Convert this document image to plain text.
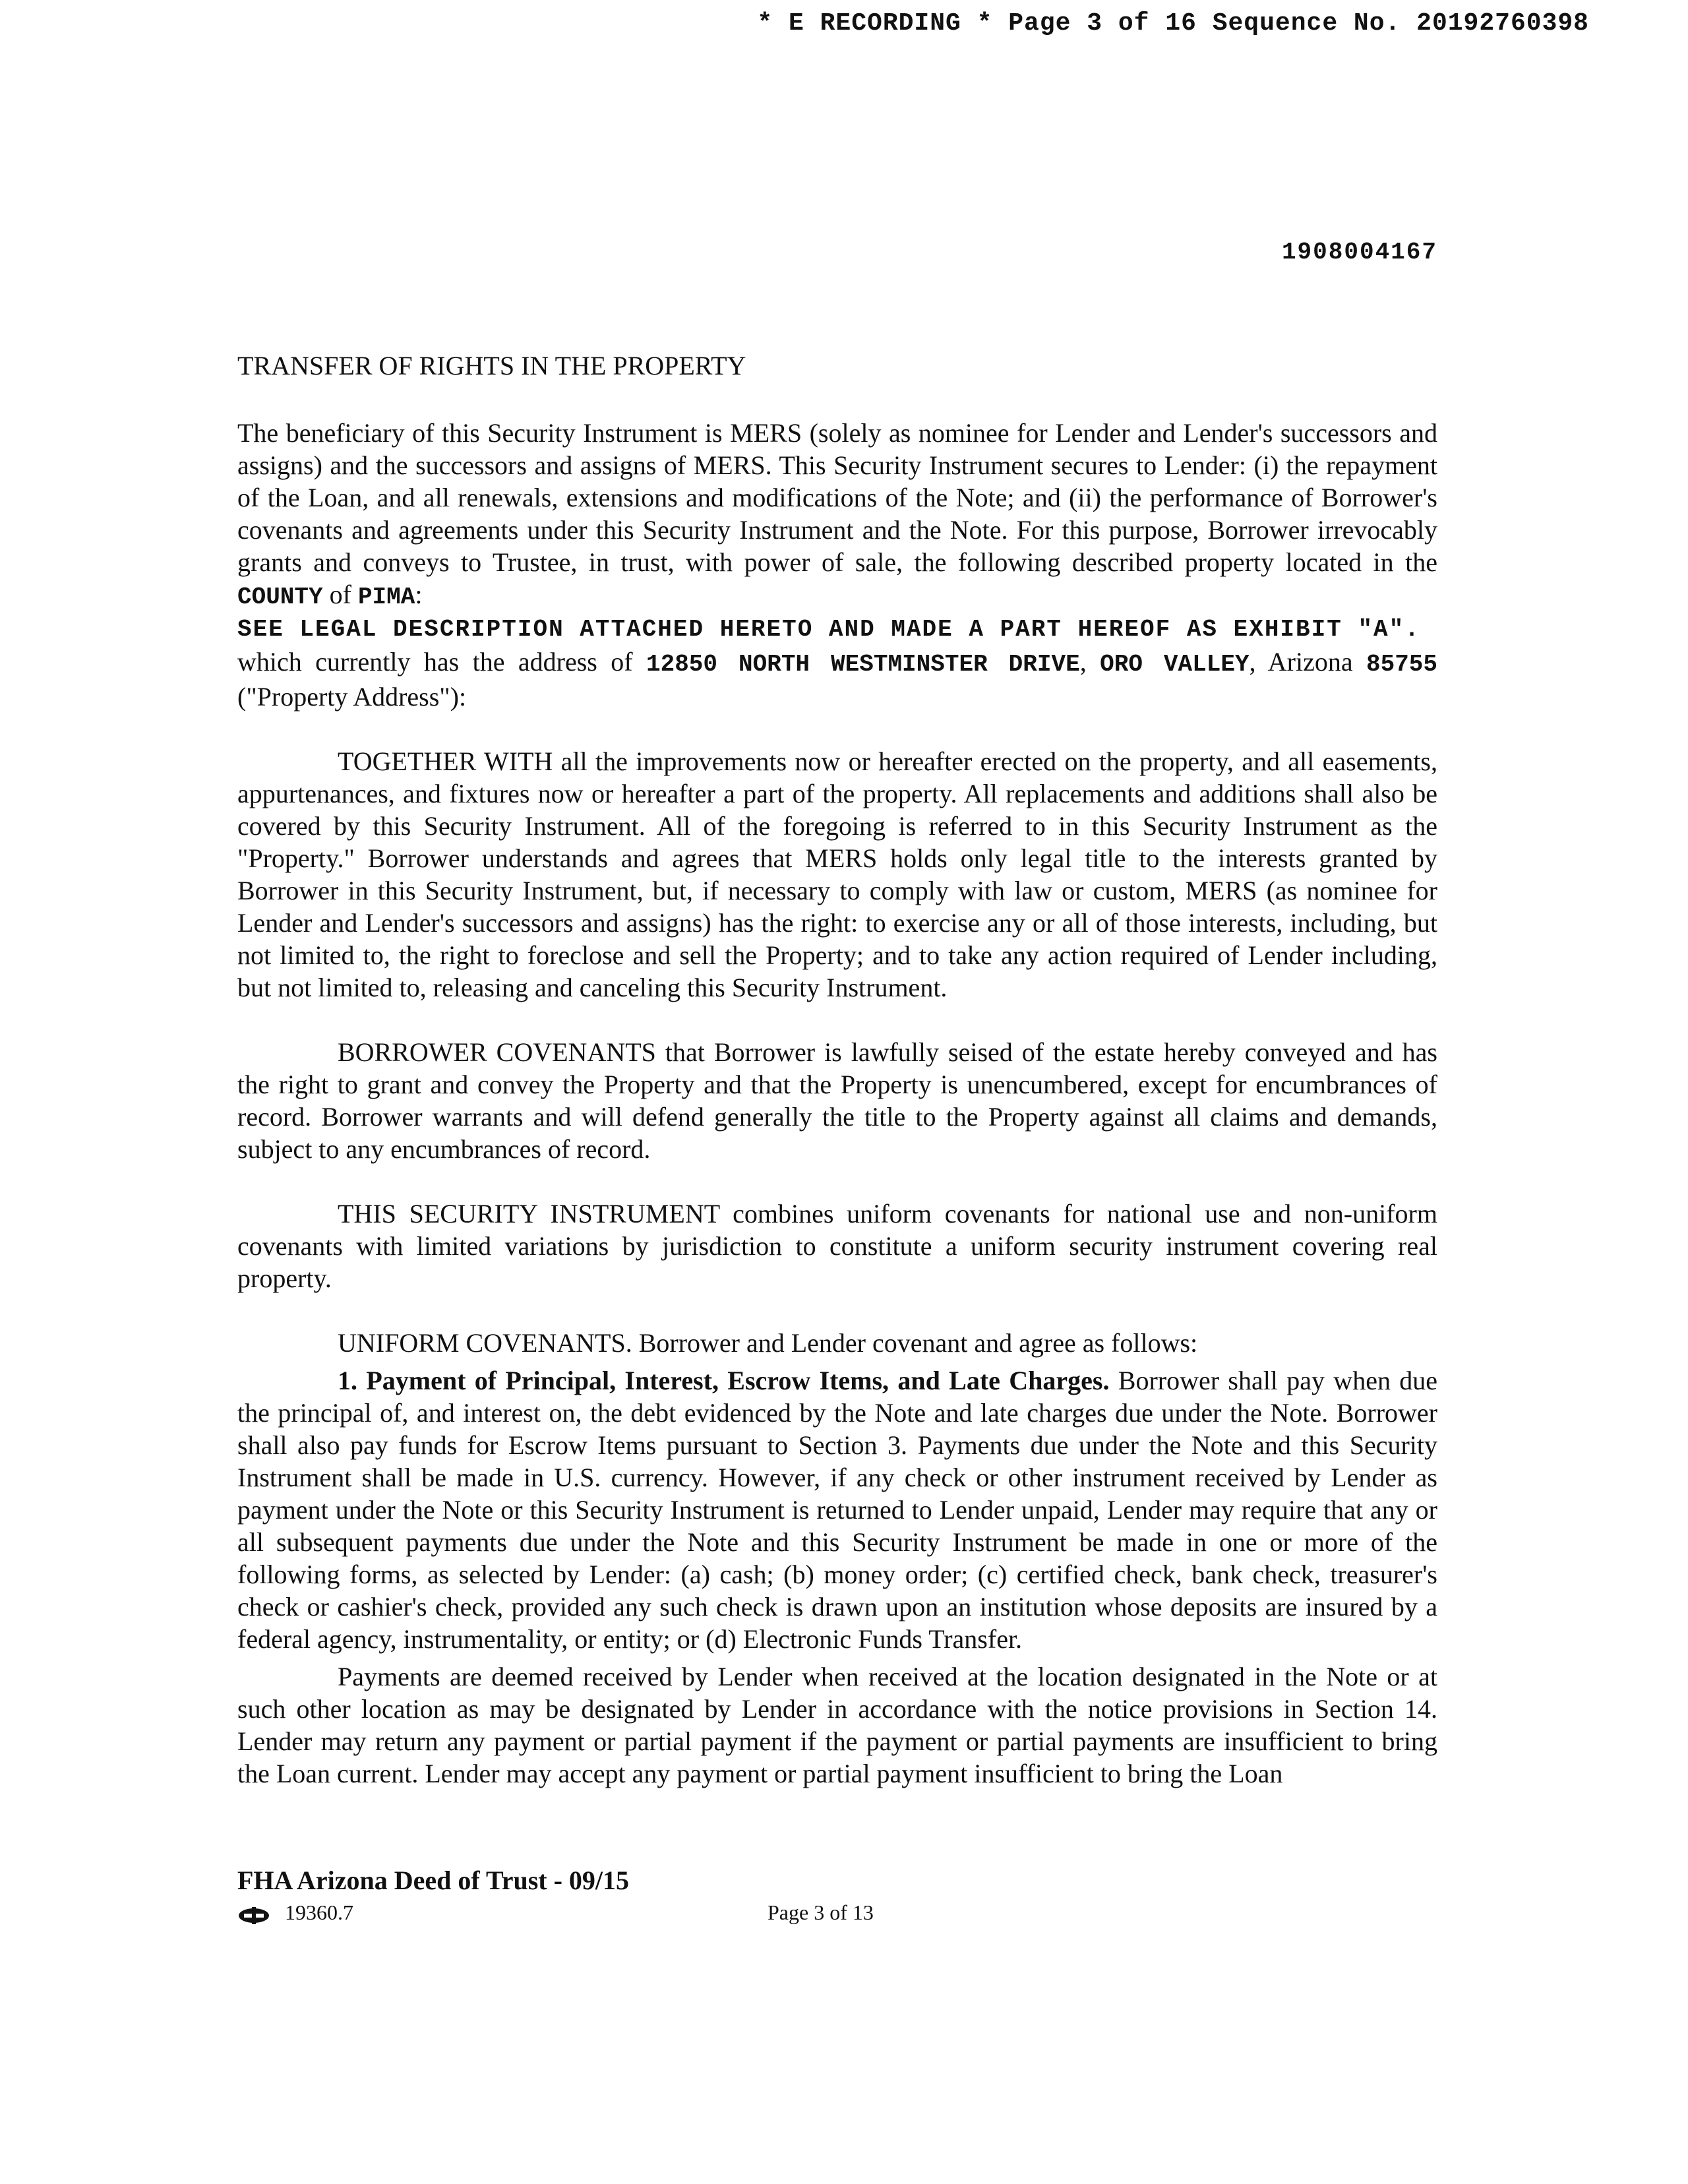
* E RECORDING * Page 3 of 16 Sequence No. 20192760398
1908004167
TRANSFER OF RIGHTS IN THE PROPERTY

The beneficiary of this Security Instrument is MERS (solely as nominee for Lender and Lender's successors and assigns) and the successors and assigns of MERS. This Security Instrument secures to Lender: (i) the repayment of the Loan, and all renewals, extensions and modifications of the Note; and (ii) the performance of Borrower's covenants and agreements under this Security Instrument and the Note. For this purpose, Borrower irrevocably grants and conveys to Trustee, in trust, with power of sale, the following described property located in the COUNTY of PIMA:

SEE LEGAL DESCRIPTION ATTACHED HERETO AND MADE A PART HEREOF AS EXHIBIT "A".

which currently has the address of 12850 NORTH WESTMINSTER DRIVE, ORO VALLEY, Arizona 85755 ("Property Address"):

TOGETHER WITH all the improvements now or hereafter erected on the property, and all easements, appurtenances, and fixtures now or hereafter a part of the property. All replacements and additions shall also be covered by this Security Instrument. All of the foregoing is referred to in this Security Instrument as the "Property." Borrower understands and agrees that MERS holds only legal title to the interests granted by Borrower in this Security Instrument, but, if necessary to comply with law or custom, MERS (as nominee for Lender and Lender's successors and assigns) has the right: to exercise any or all of those interests, including, but not limited to, the right to foreclose and sell the Property; and to take any action required of Lender including, but not limited to, releasing and canceling this Security Instrument.

BORROWER COVENANTS that Borrower is lawfully seised of the estate hereby conveyed and has the right to grant and convey the Property and that the Property is unencumbered, except for encumbrances of record. Borrower warrants and will defend generally the title to the Property against all claims and demands, subject to any encumbrances of record.

THIS SECURITY INSTRUMENT combines uniform covenants for national use and non-uniform covenants with limited variations by jurisdiction to constitute a uniform security instrument covering real property.

UNIFORM COVENANTS. Borrower and Lender covenant and agree as follows:

1. Payment of Principal, Interest, Escrow Items, and Late Charges. Borrower shall pay when due the principal of, and interest on, the debt evidenced by the Note and late charges due under the Note. Borrower shall also pay funds for Escrow Items pursuant to Section 3. Payments due under the Note and this Security Instrument shall be made in U.S. currency. However, if any check or other instrument received by Lender as payment under the Note or this Security Instrument is returned to Lender unpaid, Lender may require that any or all subsequent payments due under the Note and this Security Instrument be made in one or more of the following forms, as selected by Lender: (a) cash; (b) money order; (c) certified check, bank check, treasurer's check or cashier's check, provided any such check is drawn upon an institution whose deposits are insured by a federal agency, instrumentality, or entity; or (d) Electronic Funds Transfer.

Payments are deemed received by Lender when received at the location designated in the Note or at such other location as may be designated by Lender in accordance with the notice provisions in Section 14. Lender may return any payment or partial payment if the payment or partial payments are insufficient to bring the Loan current. Lender may accept any payment or partial payment insufficient to bring the Loan

FHA Arizona Deed of Trust - 09/15
19360.7	Page 3 of 13
